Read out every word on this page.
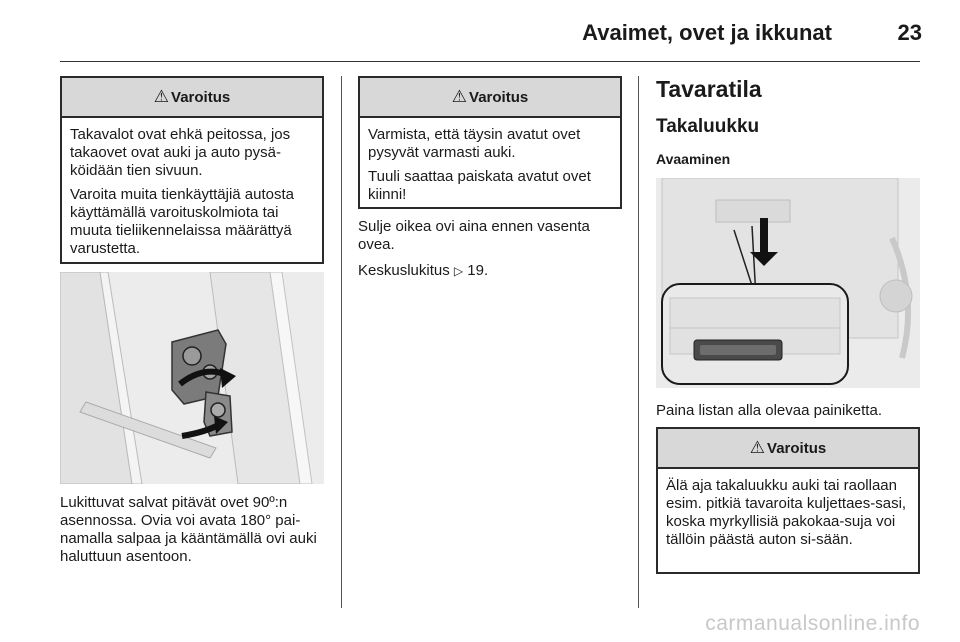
Avaimet, ovet ja ikkunat	23
⚠ Varoitus

Takavalot ovat ehkä peitossa, jos takaovet ovat auki ja auto pysä-köidään tien sivuun.

Varoita muita tienkäyttäjiä autosta käyttämällä varoituskolmiota tai muuta tieliikennelaissa määrättyä varustetta.

Lukittuvat salvat pitävät ovet 90º:n asennossa. Ovia voi avata 180° pai-namalla salpaa ja kääntämällä ovi auki haluttuun asentoon.

⚠ Varoitus

Varmista, että täysin avatut ovet pysyvät varmasti auki.

Tuuli saattaa paiskata avatut ovet kiinni!

Sulje oikea ovi aina ennen vasenta ovea.

Keskuslukitus ▷ 19.

Tavaratila
Takaluukku
Avaaminen

Paina listan alla olevaa painiketta.

⚠ Varoitus

Älä aja takaluukku auki tai raollaan esim. pitkiä tavaroita kuljettaes-sasi, koska myrkyllisiä pakokaa-suja voi tällöin päästä auton si-sään.

carmanualsonline.info
